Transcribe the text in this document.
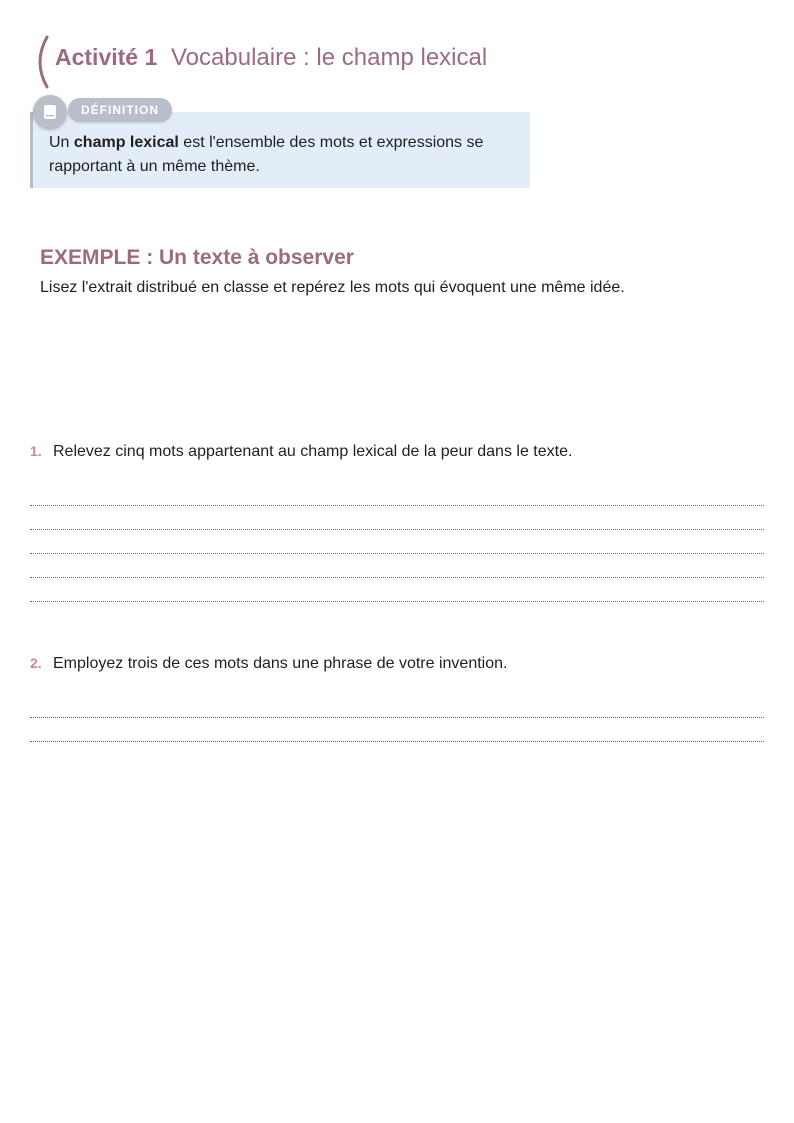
Activité 1 Vocabulaire : le champ lexical
DÉFINITION
Un champ lexical est l'ensemble des mots et expressions se rapportant à un même thème.
EXEMPLE : Un texte à observer
Lisez l'extrait distribué en classe et repérez les mots qui évoquent une même idée.
1. Relevez cinq mots appartenant au champ lexical de la peur dans le texte.
2. Employez trois de ces mots dans une phrase de votre invention.
